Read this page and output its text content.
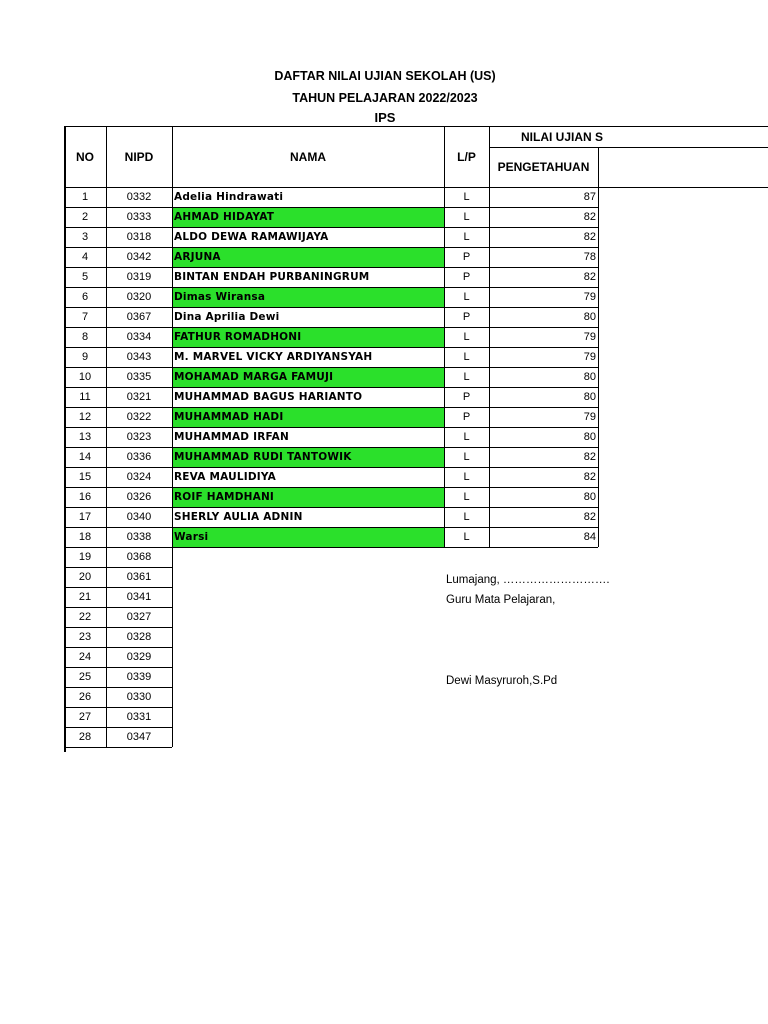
DAFTAR NILAI UJIAN SEKOLAH (US)
TAHUN PELAJARAN 2022/2023
IPS
NO	NIPD	NAMA	L/P
NILAI UJIAN S
PENGETAHUAN
1	0332	Adelia Hindrawati	L	87
2	0333	AHMAD HIDAYAT	L	82
3	0318	ALDO DEWA RAMAWIJAYA	L	82
4	0342	ARJUNA	P	78
5	0319	BINTAN ENDAH PURBANINGRUM	P	82
6	0320	Dimas Wiransa	L	79
7	0367	Dina Aprilia Dewi	P	80
8	0334	FATHUR ROMADHONI	L	79
9	0343	M. MARVEL VICKY ARDIYANSYAH	L	79
10	0335	MOHAMAD MARGA FAMUJI	L	80
11	0321	MUHAMMAD BAGUS HARIANTO	P	80
12	0322	MUHAMMAD HADI	P	79
13	0323	MUHAMMAD IRFAN	L	80
14	0336	MUHAMMAD RUDI TANTOWIK	L	82
15	0324	REVA MAULIDIYA	L	82
16	0326	ROIF HAMDHANI	L	80
17	0340	SHERLY AULIA ADNIN	L	82
18	0338	Warsi	L	84
19	0368
20	0361
21	0341
22	0327
23	0328
24	0329
25	0339
26	0330
27	0331
28	0347
Lumajang, ……………………….
Guru Mata Pelajaran,
Dewi Masyruroh,S.Pd
